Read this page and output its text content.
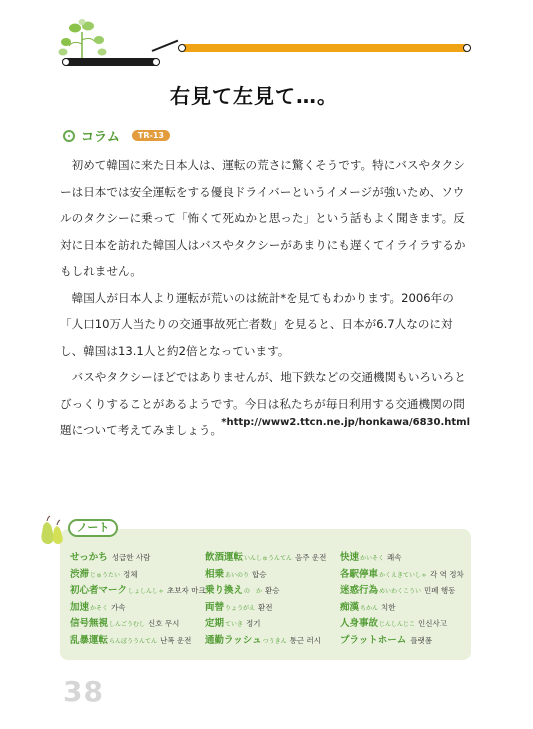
右見て左見て…。
コラム	TR-13

初めて韓国に来た日本人は、運転の荒さに驚くそうです。特にバスやタクシーは日本では安全運転をする優良ドライバーというイメージが強いため、ソウルのタクシーに乗って「怖くて死ぬかと思った」という話もよく聞きます。反対に日本を訪れた韓国人はバスやタクシーがあまりにも遅くてイライラするかもしれません。

韓国人が日本人より運転が荒いのは統計*を見てもわかります。2006年の「人口10万人当たりの交通事故死亡者数」を見ると、日本が6.7人なのに対し、韓国は13.1人と約2倍となっています。

バスやタクシーほどではありませんが、地下鉄などの交通機関もいろいろとびっくりすることがあるようです。今日は私たちが毎日利用する交通機関の問題について考えてみましょう。

*http://www2.ttcn.ne.jp/honkawa/6830.html
ノート
せっかち 성급한 사람
渋滞じゅうたい 정체
初心者マークしょしんしゃ 초보자 마크
加速かそく 가속
信号無視しんごうむし 신호 무시
乱暴運転らんぼううんてん 난폭 운전
飲酒運転いんしゅうんてん 음주 운전
相乗あいのり 합승
乗り換えの　か 환승
両替りょうがえ 환전
定期ていき 정기
通勤ラッシュつうきん 통근 러시
快速かいそく 쾌속
各駅停車かくえきていしゃ 각 역 정차
迷惑行為めいわくこうい 민폐 행동
痴漢ちかん 치한
人身事故じんしんじこ 인신사고
プラットホーム 플랫폼
38
